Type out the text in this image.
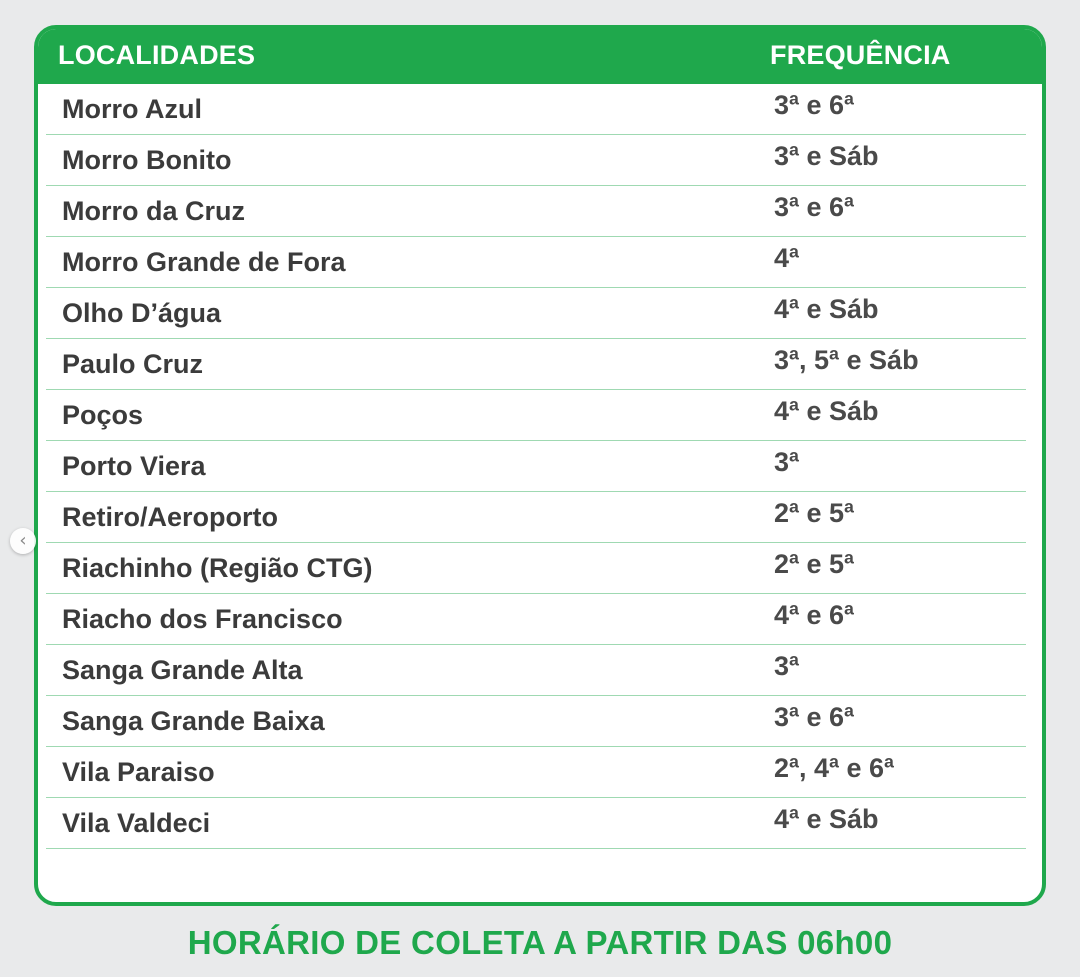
LOCALIDADES	FREQUÊNCIA
Morro Azul	3ª e 6ª
Morro Bonito	3ª e Sáb
Morro da Cruz	3ª e 6ª
Morro Grande de Fora	4ª
Olho D’água	4ª e Sáb
Paulo Cruz	3ª, 5ª e Sáb
Poços	4ª e Sáb
Porto Viera	3ª
Retiro/Aeroporto	2ª e 5ª
Riachinho (Região CTG)	2ª e 5ª
Riacho dos Francisco	4ª e 6ª
Sanga Grande Alta	3ª
Sanga Grande Baixa	3ª e 6ª
Vila Paraiso	2ª, 4ª e 6ª
Vila Valdeci	4ª e Sáb
‹
HORÁRIO DE COLETA A PARTIR DAS 06h00
